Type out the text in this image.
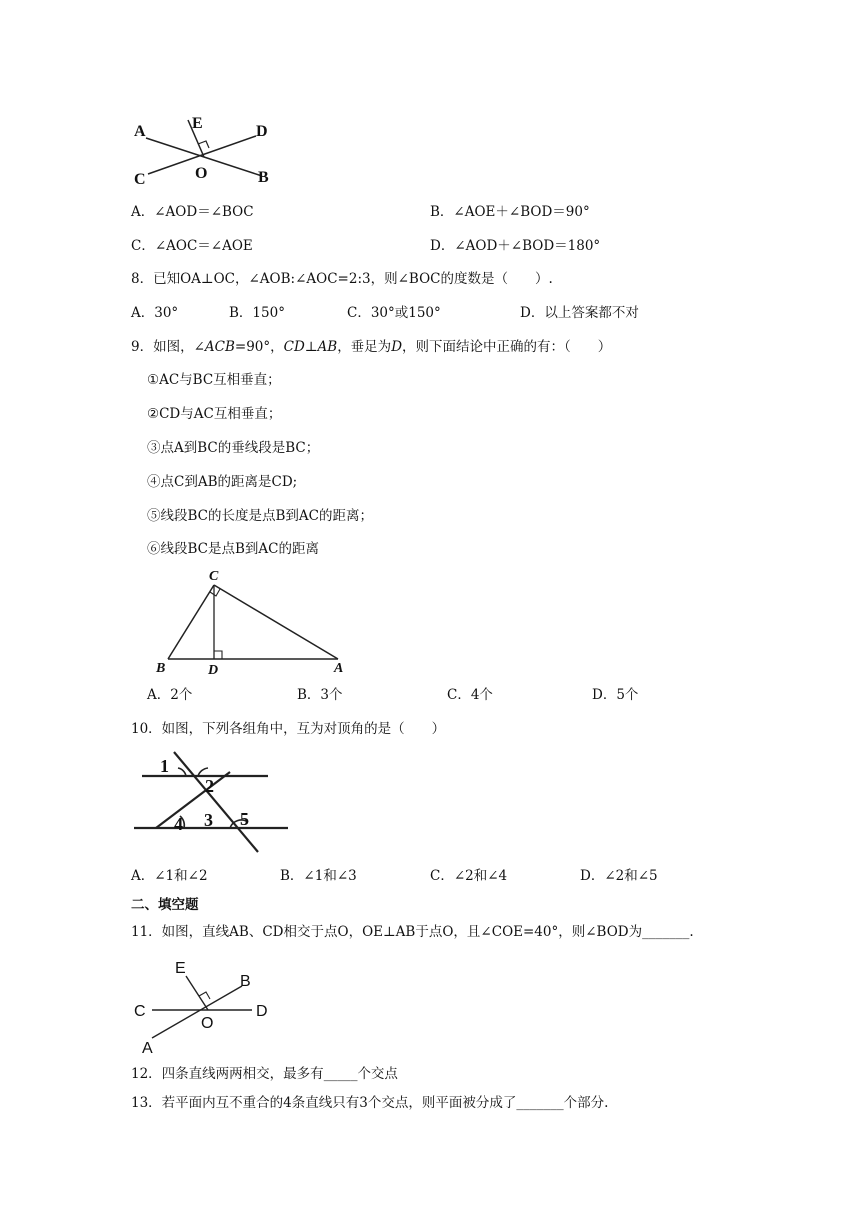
A	E	D
C	O	B
A．∠AOD＝∠BOC	B．∠AOE＋∠BOD＝90°
C．∠AOC＝∠AOE	D．∠AOD＋∠BOD＝180°
8．已知OA⊥OC，∠AOB:∠AOC=2:3，则∠BOC的度数是（　　）.
A．30°	B．150°	C．30°或150°	D．以上答案都不对
9．如图，∠ACB=90°，CD⊥AB，垂足为D，则下面结论中正确的有：（　　）
①AC与BC互相垂直；
②CD与AC互相垂直；
③点A到BC的垂线段是BC；
④点C到AB的距离是CD;
⑤线段BC的长度是点B到AC的距离；
⑥线段BC是点B到AC的距离
C
B	D	A
A．2个	B．3个	C．4个	D．5个
10．如图，下列各组角中，互为对顶角的是（　　）
1
2
3
4	5
A．∠1和∠2	B．∠1和∠3	C．∠2和∠4	D．∠2和∠5
二、填空题
11．如图，直线AB、CD相交于点O，OE⊥AB于点O，且∠COE=40°，则∠BOD为_______.
E
B
C
O
D
A
12．四条直线两两相交，最多有_____个交点
13．若平面内互不重合的4条直线只有3个交点，则平面被分成了_______个部分.
